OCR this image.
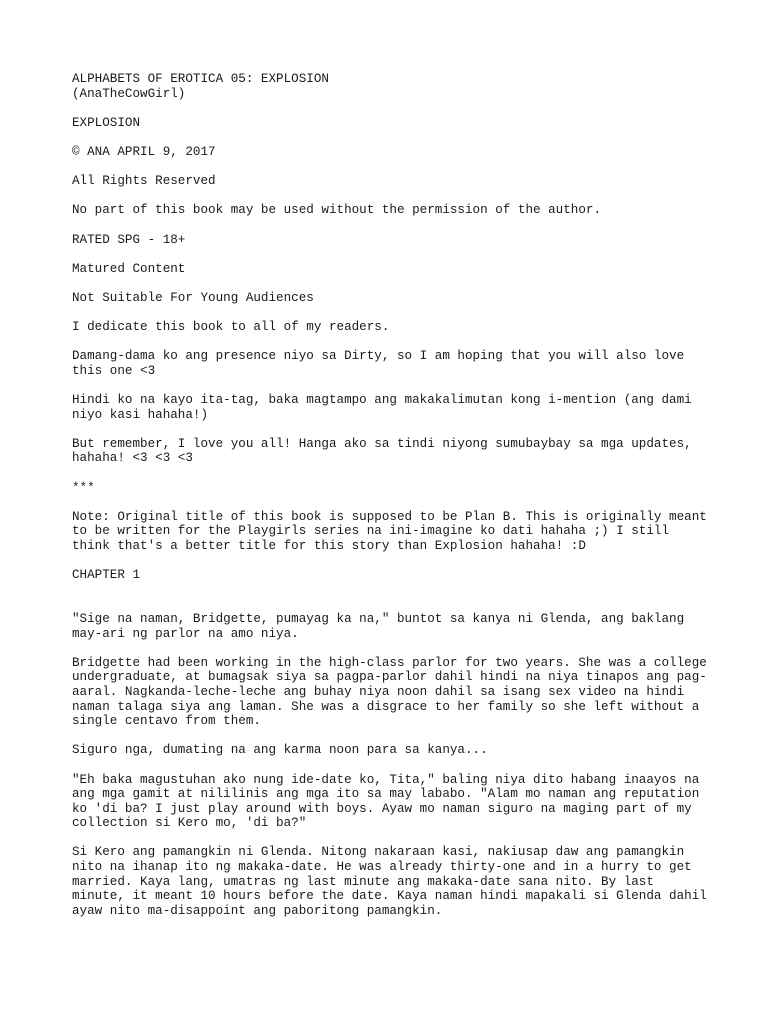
ALPHABETS OF EROTICA 05: EXPLOSION
(AnaTheCowGirl)

EXPLOSION

© ANA APRIL 9, 2017

All Rights Reserved

No part of this book may be used without the permission of the author.

RATED SPG - 18+

Matured Content

Not Suitable For Young Audiences

I dedicate this book to all of my readers.

Damang-dama ko ang presence niyo sa Dirty, so I am hoping that you will also love this one <3

Hindi ko na kayo ita-tag, baka magtampo ang makakalimutan kong i-mention (ang dami niyo kasi hahaha!)

But remember, I love you all! Hanga ako sa tindi niyong sumubaybay sa mga updates, hahaha! <3 <3 <3

***

Note: Original title of this book is supposed to be Plan B. This is originally meant to be written for the Playgirls series na ini-imagine ko dati hahaha ;) I still think that's a better title for this story than Explosion hahaha! :D

CHAPTER 1

"Sige na naman, Bridgette, pumayag ka na," buntot sa kanya ni Glenda, ang baklang may-ari ng parlor na amo niya.

Bridgette had been working in the high-class parlor for two years. She was a college undergraduate, at bumagsak siya sa pagpa-parlor dahil hindi na niya tinapos ang pag-aaral. Nagkanda-leche-leche ang buhay niya noon dahil sa isang sex video na hindi naman talaga siya ang laman. She was a disgrace to her family so she left without a single centavo from them.

Siguro nga, dumating na ang karma noon para sa kanya...

"Eh baka magustuhan ako nung ide-date ko, Tita," baling niya dito habang inaayos na ang mga gamit at nililinis ang mga ito sa may lababo. "Alam mo naman ang reputation ko 'di ba? I just play around with boys. Ayaw mo naman siguro na maging part of my collection si Kero mo, 'di ba?"

Si Kero ang pamangkin ni Glenda. Nitong nakaraan kasi, nakiusap daw ang pamangkin nito na ihanap ito ng makaka-date. He was already thirty-one and in a hurry to get married. Kaya lang, umatras ng last minute ang makaka-date sana nito. By last minute, it meant 10 hours before the date. Kaya naman hindi mapakali si Glenda dahil ayaw nito ma-disappoint ang paboritong pamangkin.
